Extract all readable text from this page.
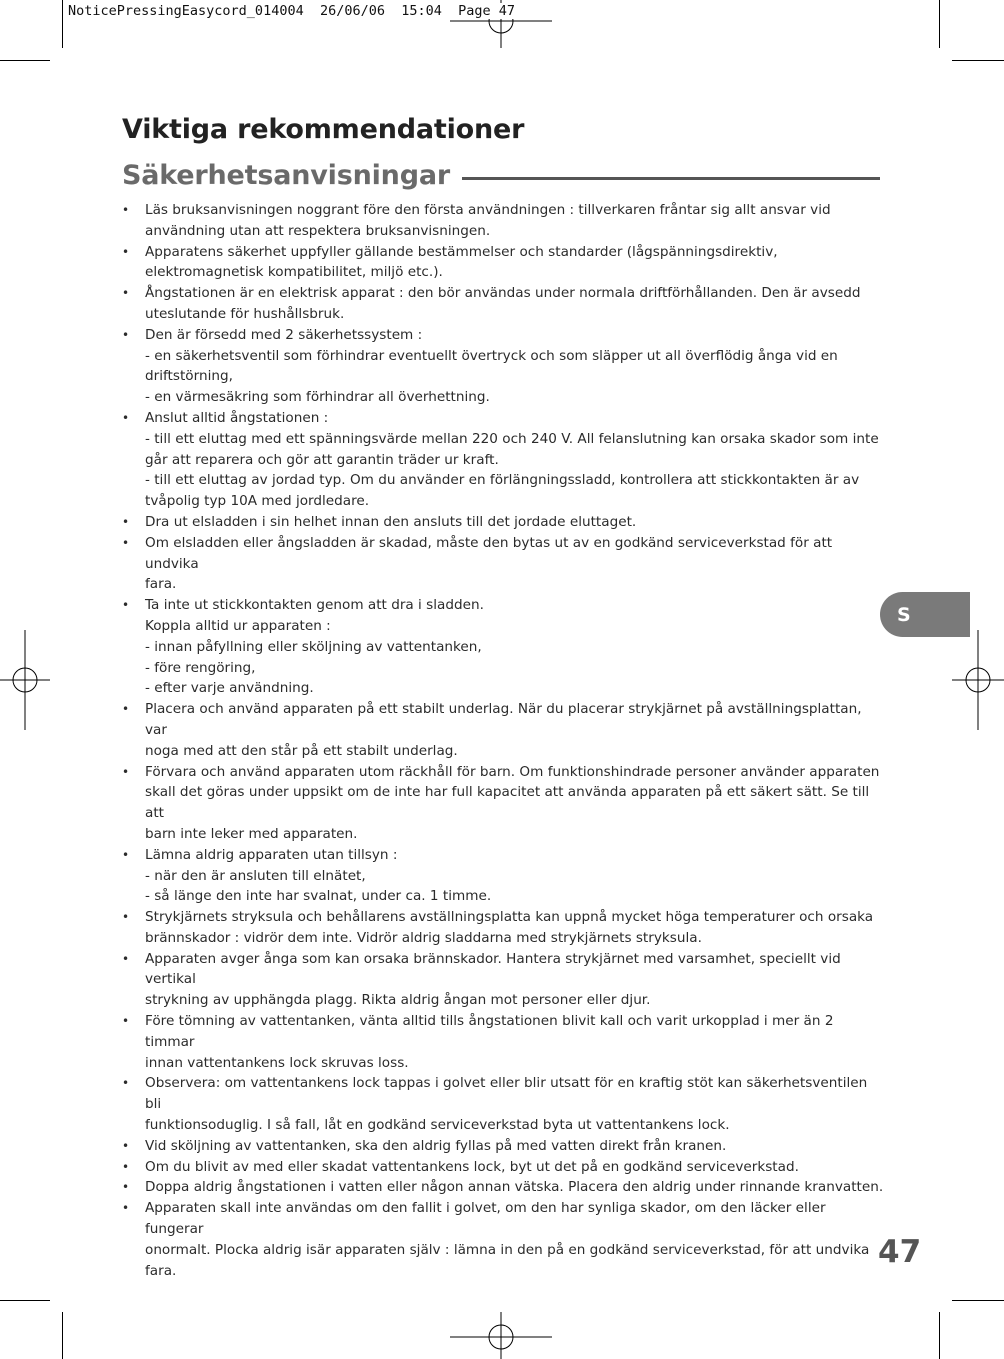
NoticePressingEasycord_014004  26/06/06  15:04  Page 47
Viktiga rekommendationer
Säkerhetsanvisningar
• Läs bruksanvisningen noggrant före den första användningen : tillverkaren fråntar sig allt ansvar vid
användning utan att respektera bruksanvisningen.
• Apparatens säkerhet uppfyller gällande bestämmelser och standarder (lågspänningsdirektiv,
elektromagnetisk kompatibilitet, miljö etc.).
• Ångstationen är en elektrisk apparat : den bör användas under normala driftförhållanden. Den är avsedd
uteslutande för hushållsbruk.
• Den är försedd med 2 säkerhetssystem :
- en säkerhetsventil som förhindrar eventuellt övertryck och som släpper ut all överflödig ånga vid en
driftstörning,
- en värmesäkring som förhindrar all överhettning.
• Anslut alltid ångstationen :
- till ett eluttag med ett spänningsvärde mellan 220 och 240 V. All felanslutning kan orsaka skador som inte
går att reparera och gör att garantin träder ur kraft.
- till ett eluttag av jordad typ. Om du använder en förlängningssladd, kontrollera att stickkontakten är av
tvåpolig typ 10A med jordledare.
• Dra ut elsladden i sin helhet innan den ansluts till det jordade eluttaget.
• Om elsladden eller ångsladden är skadad, måste den bytas ut av en godkänd serviceverkstad för att undvika
fara.
• Ta inte ut stickkontakten genom att dra i sladden.
Koppla alltid ur apparaten :
- innan påfyllning eller sköljning av vattentanken,
- före rengöring,
- efter varje användning.
• Placera och använd apparaten på ett stabilt underlag. När du placerar strykjärnet på avställningsplattan, var
noga med att den står på ett stabilt underlag.
• Förvara och använd apparaten utom räckhåll för barn. Om funktionshindrade personer använder apparaten
skall det göras under uppsikt om de inte har full kapacitet att använda apparaten på ett säkert sätt. Se till att
barn inte leker med apparaten.
• Lämna aldrig apparaten utan tillsyn :
- när den är ansluten till elnätet,
- så länge den inte har svalnat, under ca. 1 timme.
• Strykjärnets stryksula och behållarens avställningsplatta kan uppnå mycket höga temperaturer och orsaka
brännskador : vidrör dem inte. Vidrör aldrig sladdarna med strykjärnets stryksula.
• Apparaten avger ånga som kan orsaka brännskador. Hantera strykjärnet med varsamhet, speciellt vid vertikal
strykning av upphängda plagg. Rikta aldrig ångan mot personer eller djur.
• Före tömning av vattentanken, vänta alltid tills ångstationen blivit kall och varit urkopplad i mer än 2 timmar
innan vattentankens lock skruvas loss.
• Observera: om vattentankens lock tappas i golvet eller blir utsatt för en kraftig stöt kan säkerhetsventilen bli
funktionsoduglig. I så fall, låt en godkänd serviceverkstad byta ut vattentankens lock.
• Vid sköljning av vattentanken, ska den aldrig fyllas på med vatten direkt från kranen.
• Om du blivit av med eller skadat vattentankens lock, byt ut det på en godkänd serviceverkstad.
• Doppa aldrig ångstationen i vatten eller någon annan vätska. Placera den aldrig under rinnande kranvatten.
• Apparaten skall inte användas om den fallit i golvet, om den har synliga skador, om den läcker eller fungerar
onormalt. Plocka aldrig isär apparaten själv : lämna in den på en godkänd serviceverkstad, för att undvika
fara.
S
47
